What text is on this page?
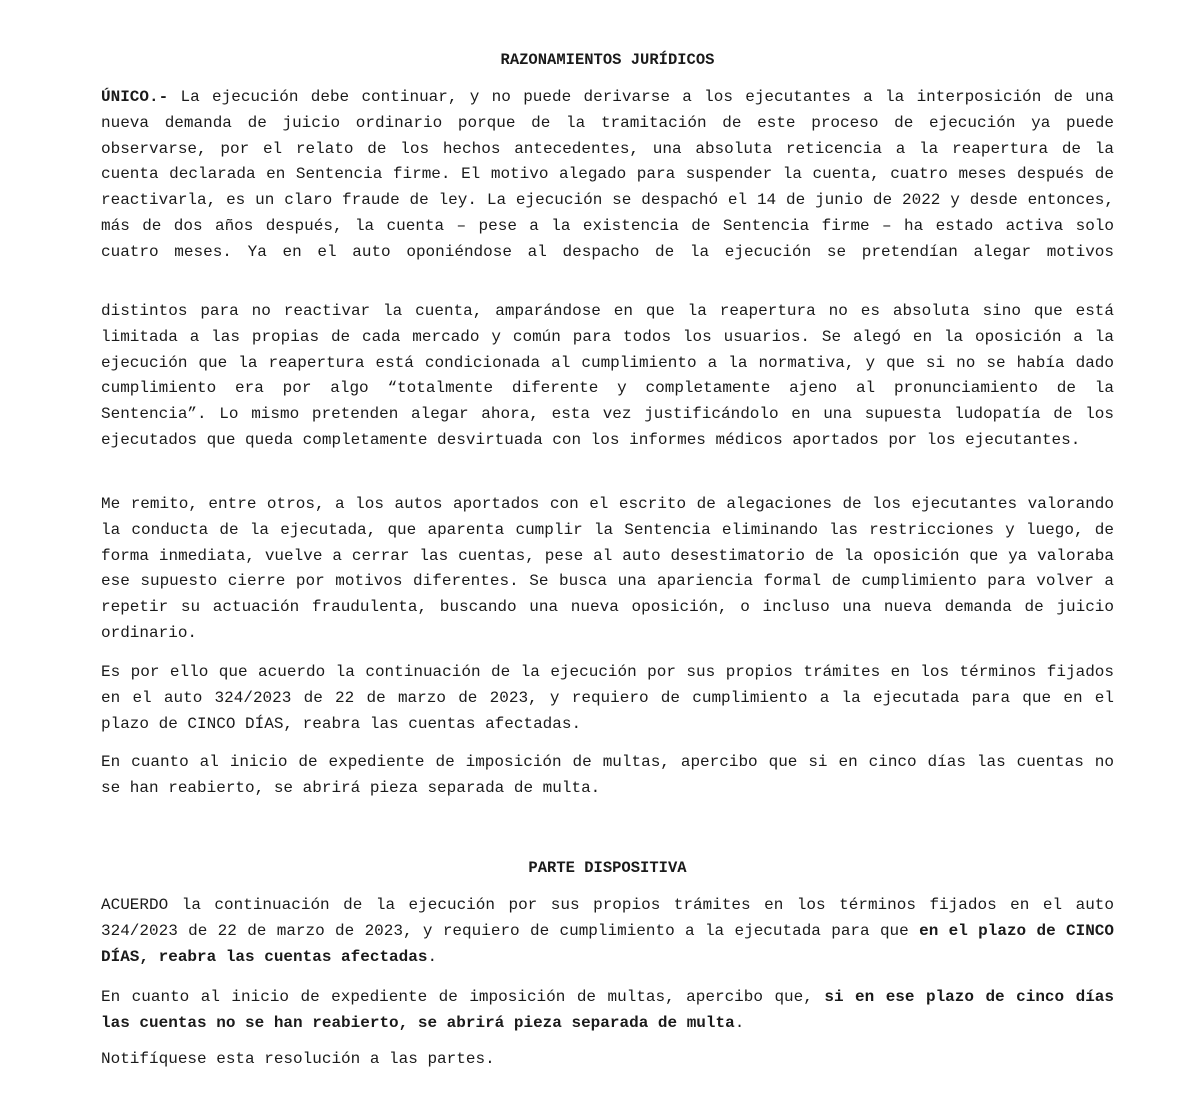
RAZONAMIENTOS JURÍDICOS

ÚNICO.- La ejecución debe continuar, y no puede derivarse a los ejecutantes a la interposición de una nueva demanda de juicio ordinario porque de la tramitación de este proceso de ejecución ya puede observarse, por el relato de los hechos antecedentes, una absoluta reticencia a la reapertura de la cuenta declarada en Sentencia firme. El motivo alegado para suspender la cuenta, cuatro meses después de reactivarla, es un claro fraude de ley. La ejecución se despachó el 14 de junio de 2022 y desde entonces, más de dos años después, la cuenta – pese a la existencia de Sentencia firme – ha estado activa solo cuatro meses. Ya en el auto oponiéndose al despacho de la ejecución se pretendían alegar motivos

distintos para no reactivar la cuenta, amparándose en que la reapertura no es absoluta sino que está limitada a las propias de cada mercado y común para todos los usuarios. Se alegó en la oposición a la ejecución que la reapertura está condicionada al cumplimiento a la normativa, y que si no se había dado cumplimiento era por algo “totalmente diferente y completamente ajeno al pronunciamiento de la Sentencia”. Lo mismo pretenden alegar ahora, esta vez justificándolo en una supuesta ludopatía de los ejecutados que queda completamente desvirtuada con los informes médicos aportados por los ejecutantes.

Me remito, entre otros, a los autos aportados con el escrito de alegaciones de los ejecutantes valorando la conducta de la ejecutada, que aparenta cumplir la Sentencia eliminando las restricciones y luego, de forma inmediata, vuelve a cerrar las cuentas, pese al auto desestimatorio de la oposición que ya valoraba ese supuesto cierre por motivos diferentes. Se busca una apariencia formal de cumplimiento para volver a repetir su actuación fraudulenta, buscando una nueva oposición, o incluso una nueva demanda de juicio ordinario.

Es por ello que acuerdo la continuación de la ejecución por sus propios trámites en los términos fijados en el auto 324/2023 de 22 de marzo de 2023, y requiero de cumplimiento a la ejecutada para que en el plazo de CINCO DÍAS, reabra las cuentas afectadas.

En cuanto al inicio de expediente de imposición de multas, apercibo que si en cinco días las cuentas no se han reabierto, se abrirá pieza separada de multa.

PARTE DISPOSITIVA

ACUERDO la continuación de la ejecución por sus propios trámites en los términos fijados en el auto 324/2023 de 22 de marzo de 2023, y requiero de cumplimiento a la ejecutada para que en el plazo de CINCO DÍAS, reabra las cuentas afectadas.

En cuanto al inicio de expediente de imposición de multas, apercibo que, si en ese plazo de cinco días las cuentas no se han reabierto, se abrirá pieza separada de multa.

Notifíquese esta resolución a las partes.
